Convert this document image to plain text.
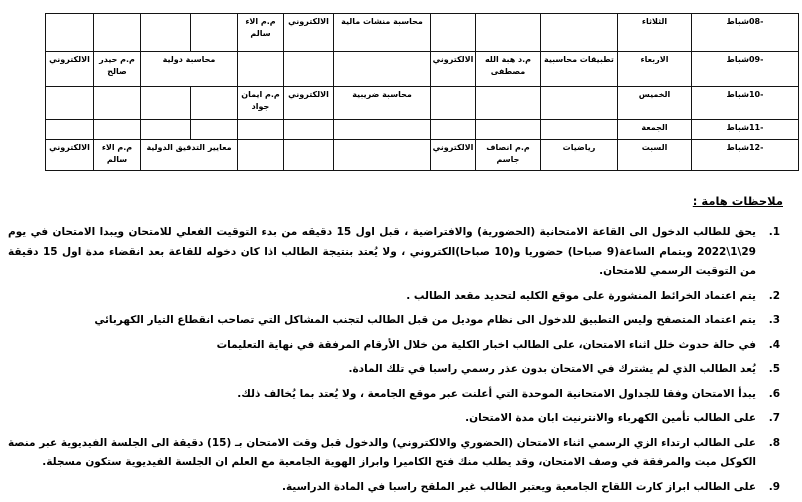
-08شباط	الثلاثاء				محاسبة منشات مالية	الالكتروني	م.م الاء سالم				
-09شباط	الاربعاء	تطبيقات محاسبية	م.د هبة الله مصطفى	الالكتروني				محاسبة دولية		م.م حيدر صالح	الالكتروني
-10شباط	الخميس				محاسبة ضريبية	الالكتروني	م.م ايمان جواد				
-11شباط	الجمعة										
-12شباط	السبت	رياضيات	م.م انصاف جاسم	الالكتروني				معايير التدقيق الدولية		م.م الاء سالم	الالكتروني
ملاحظات هامة :
1.
يحق للطالب الدخول الى القاعة الامتحانية (الحضورية) والافتراضية ، قبل اول 15 دقيقه من بدء التوقيت الفعلي للامتحان ويبدا الامتحان في يوم 29\1\2022 وبتمام الساعة(9 صباحا) حضوريا و(10 صباحا)الكتروني ، ولا يُعتد بنتيجة الطالب اذا كان دخوله للقاعة بعد انقضاء مدة اول 15 دقيقة من التوقيت الرسمي للامتحان.
2.
يتم اعتماد الخرائط المنشورة على موقع الكليه لتحديد مقعد الطالب .
3.
يتم اعتماد المتصفح وليس التطبيق للدخول الى نظام موديل من قبل الطالب لتجنب المشاكل التي تصاحب انقطاع التيار الكهربائي
4.
في حالة حدوث خلل اثناء الامتحان، على الطالب اخبار الكلية من خلال الأرقام المرفقة في نهاية التعليمات
5.
يُعد الطالب الذي لم يشترك في الامتحان بدون عذر رسمي راسبا في تلك المادة.
6.
يبدأ الامتحان وفقا للجداول الامتحانية الموحدة التي أعلنت عبر موقع الجامعة ، ولا يُعتد بما يُخالف ذلك.
7.
على الطالب تأمين الكهرباء والانترنيت ابان مدة الامتحان.
8.
على الطالب ارتداء الزي الرسمي اثناء الامتحان (الحضوري والالكتروني) والدخول قبل وقت الامتحان بـ (15) دقيقة الى الجلسة الفيديوية عبر منصة الكوكل ميت والمرفقة في وصف الامتحان، وقد يطلب منك فتح الكاميرا وابراز الهوية الجامعية مع العلم ان الجلسة الفيديوية ستكون مسجلة.
9.
على الطالب ابراز كارت اللقاح الجامعية ويعتبر الطالب غير الملقح راسبا في المادة الدراسية.
